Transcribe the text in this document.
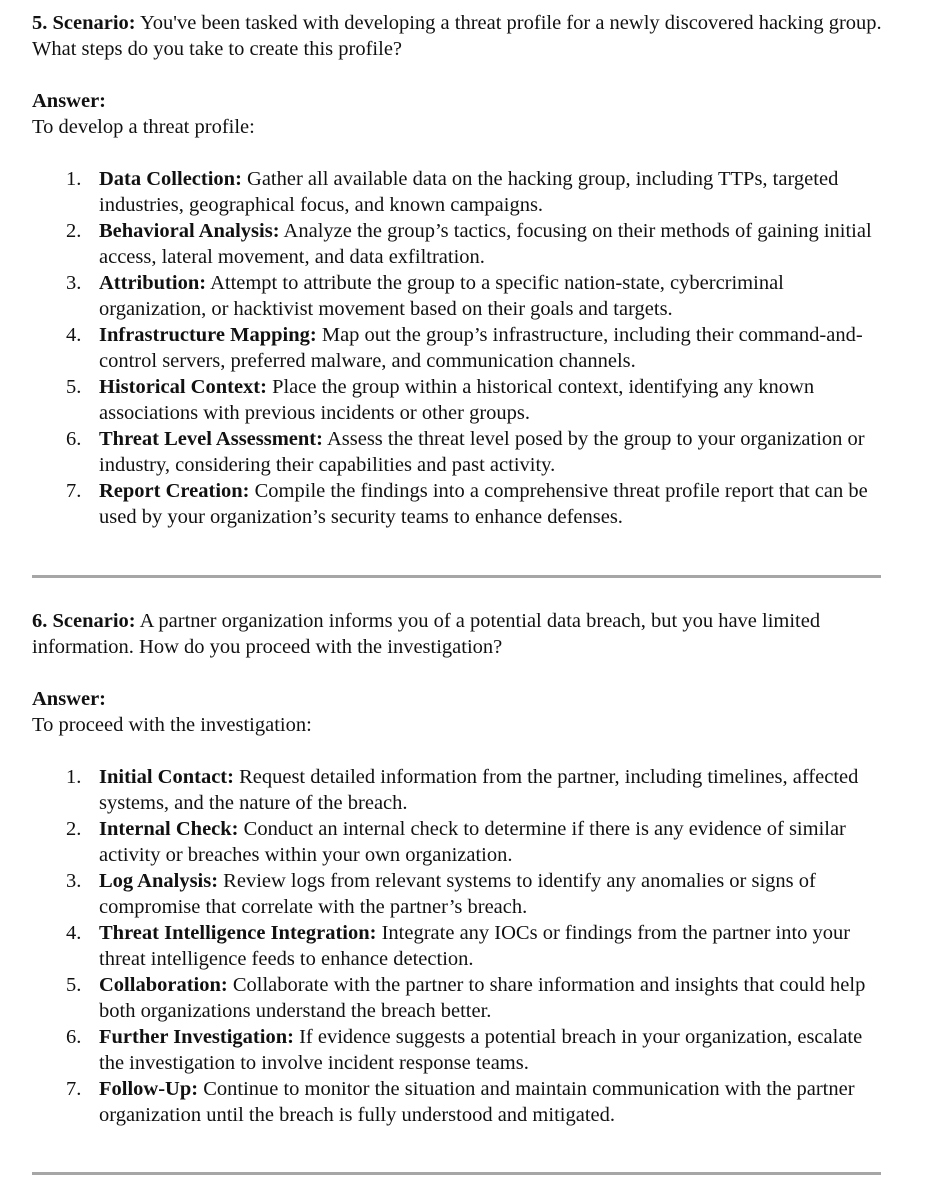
5. Scenario: You've been tasked with developing a threat profile for a newly discovered hacking group. What steps do you take to create this profile?

Answer:

To develop a threat profile:

1. Data Collection: Gather all available data on the hacking group, including TTPs, targeted industries, geographical focus, and known campaigns.
2. Behavioral Analysis: Analyze the group’s tactics, focusing on their methods of gaining initial access, lateral movement, and data exfiltration.
3. Attribution: Attempt to attribute the group to a specific nation-state, cybercriminal organization, or hacktivist movement based on their goals and targets.
4. Infrastructure Mapping: Map out the group’s infrastructure, including their command-and-control servers, preferred malware, and communication channels.
5. Historical Context: Place the group within a historical context, identifying any known associations with previous incidents or other groups.
6. Threat Level Assessment: Assess the threat level posed by the group to your organization or industry, considering their capabilities and past activity.
7. Report Creation: Compile the findings into a comprehensive threat profile report that can be used by your organization’s security teams to enhance defenses.

6. Scenario: A partner organization informs you of a potential data breach, but you have limited information. How do you proceed with the investigation?

Answer:

To proceed with the investigation:

1. Initial Contact: Request detailed information from the partner, including timelines, affected systems, and the nature of the breach.
2. Internal Check: Conduct an internal check to determine if there is any evidence of similar activity or breaches within your own organization.
3. Log Analysis: Review logs from relevant systems to identify any anomalies or signs of compromise that correlate with the partner’s breach.
4. Threat Intelligence Integration: Integrate any IOCs or findings from the partner into your threat intelligence feeds to enhance detection.
5. Collaboration: Collaborate with the partner to share information and insights that could help both organizations understand the breach better.
6. Further Investigation: If evidence suggests a potential breach in your organization, escalate the investigation to involve incident response teams.
7. Follow-Up: Continue to monitor the situation and maintain communication with the partner organization until the breach is fully understood and mitigated.
